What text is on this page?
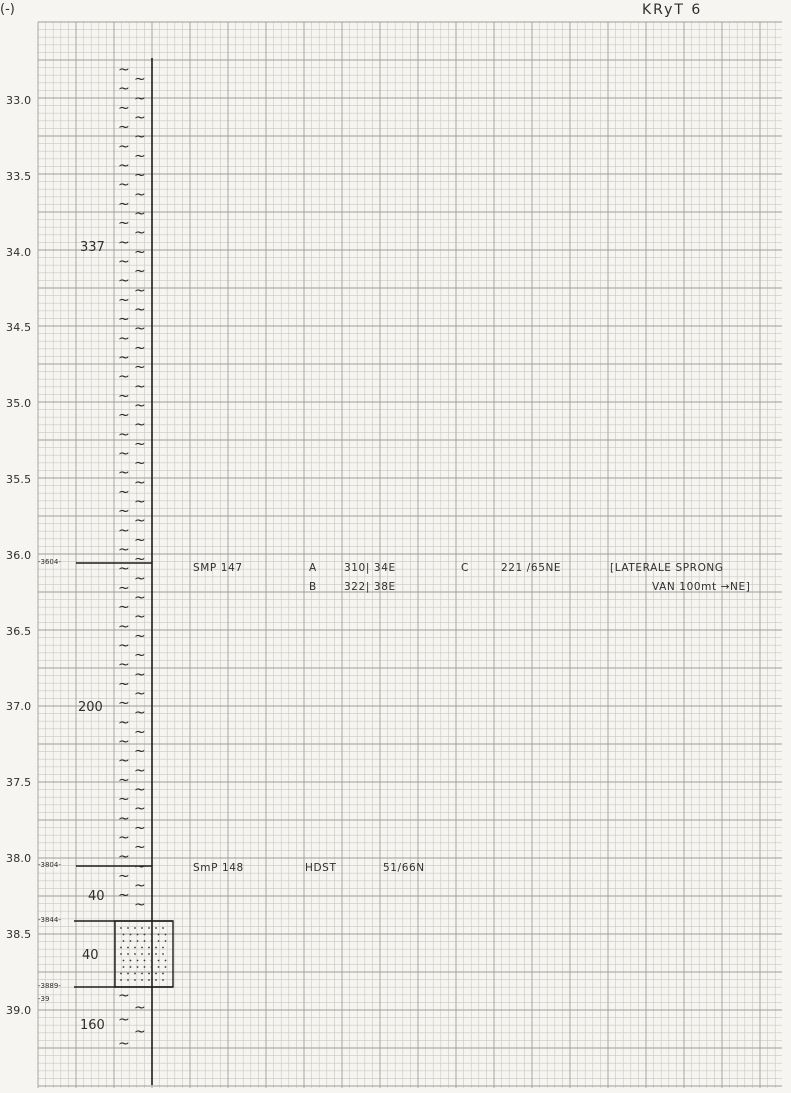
~
~
~
~
~
~
~
~
~
~
~
~
~
~
~
~
~
~
~
~
~
~
~
~
~
~
~
~
~
~
~
~
~
~
~
~
~
~
~
~
~
~
~
~
~
~
~
~
~
~
~
~
~
~
~
~
~
~
~
~
~
~
~
~
~
~
~
~
~
~
~
~
~
~
~
~
~
~
~
~
~
~
~
~
~
~
~
~
~
~
~
~
~
(-)	KRyT 6
33.0
33.5
34.0
34.5
35.0
35.5
36.0
36.5
37.0
37.5
38.0
38.5
39.0
-3604-
-3804-
-3844-
-3889-
-39
337
200
40
40
160
SMP 147	A	310| 34E
B	322| 38E
C	221 /65NE	[LATERALE SPRONG
VAN 100mt →NE]
SmP 148	HDST	51/66N
